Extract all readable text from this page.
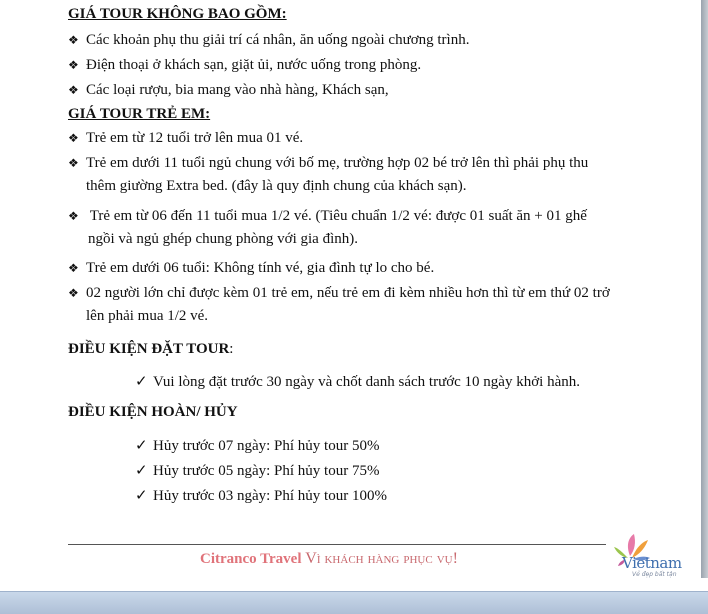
GIÁ TOUR KHÔNG BAO GỒM:
❖ Các khoản phụ thu giải trí cá nhân, ăn uống ngoài chương trình.
❖ Điện thoại ở khách sạn, giặt ủi, nước uống trong phòng.
❖ Các loại rượu, bia mang vào nhà hàng, Khách sạn,
GIÁ TOUR TRẺ EM:
❖ Trẻ em từ 12 tuổi trở lên mua 01 vé.
❖ Trẻ em dưới 11 tuổi ngủ chung với bố mẹ, trường hợp 02 bé trở lên thì phải phụ thu
thêm giường Extra bed. (đây là quy định chung của khách sạn).
❖ Trẻ em từ 06 đến 11 tuổi mua 1/2 vé. (Tiêu chuẩn 1/2 vé: được 01 suất ăn + 01 ghế
ngồi và ngủ ghép chung phòng với gia đình).
❖ Trẻ em dưới 06 tuổi: Không tính vé, gia đình tự lo cho bé.
❖ 02 người lớn chỉ được kèm 01 trẻ em, nếu trẻ em đi kèm nhiều hơn thì từ em thứ 02 trở
lên phải mua 1/2 vé.
ĐIỀU KIỆN ĐẶT TOUR:
✓ Vui lòng đặt trước 30 ngày và chốt danh sách trước 10 ngày khởi hành.
ĐIỀU KIỆN HOÀN/ HỦY
✓ Hủy trước 07 ngày: Phí hủy tour 50%
✓ Hủy trước 05 ngày: Phí hủy tour 75%
✓ Hủy trước 03 ngày: Phí hủy tour 100%
Citranco Travel Vì khách hàng phục vụ!	Vietnam
Vẻ đẹp bất tận
